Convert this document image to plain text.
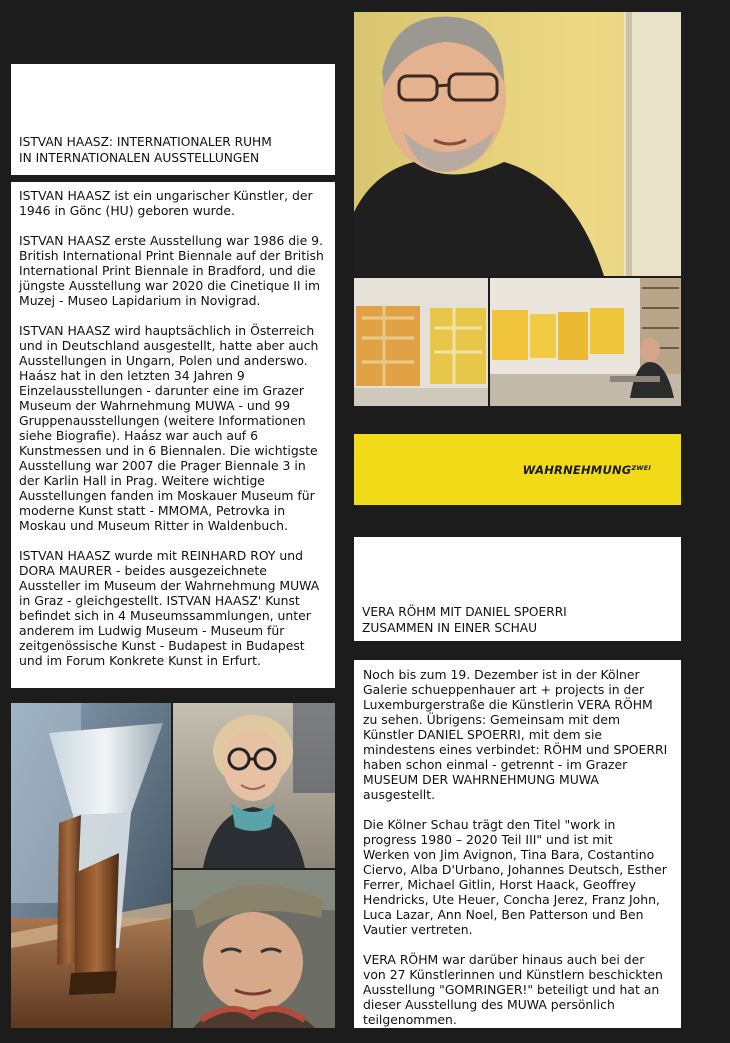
ISTVAN HAASZ: INTERNATIONALER RUHM
IN INTERNATIONALEN AUSSTELLUNGEN

ISTVAN HAASZ ist ein ungarischer Künstler, der
1946 in Gönc (HU) geboren wurde.

ISTVAN HAASZ erste Ausstellung war 1986 die 9.
British International Print Biennale auf der British
International Print Biennale in Bradford, und die
jüngste Ausstellung war 2020 die Cinetique II im
Muzej - Museo Lapidarium in Novigrad.

ISTVAN HAASZ wird hauptsächlich in Österreich
und in Deutschland ausgestellt, hatte aber auch
Ausstellungen in Ungarn, Polen und anderswo.
Haász hat in den letzten 34 Jahren 9
Einzelausstellungen - darunter eine im Grazer
Museum der Wahrnehmung MUWA - und 99
Gruppenausstellungen (weitere Informationen
siehe Biografie). Haász war auch auf 6
Kunstmessen und in 6 Biennalen. Die wichtigste
Ausstellung war 2007 die Prager Biennale 3 in
der Karlin Hall in Prag. Weitere wichtige
Ausstellungen fanden im Moskauer Museum für
moderne Kunst statt - MMOMA, Petrovka in
Moskau und Museum Ritter in Waldenbuch.

ISTVAN HAASZ wurde mit REINHARD ROY und
DORA MAURER - beides ausgezeichnete
Aussteller im Museum der Wahrnehmung MUWA
in Graz - gleichgestellt. ISTVAN HAASZ' Kunst
befindet sich in 4 Museumssammlungen, unter
anderem im Ludwig Museum - Museum für
zeitgenössische Kunst - Budapest in Budapest
und im Forum Konkrete Kunst in Erfurt.

$WAHRNEHMUNG^{ZWEI}$
VERA RÖHM MIT DANIEL SPOERRI
ZUSAMMEN IN EINER SCHAU

Noch bis zum 19. Dezember ist in der Kölner
Galerie schueppenhauer art + projects in der
Luxemburgerstraße die Künstlerin VERA RÖHM
zu sehen. Übrigens: Gemeinsam mit dem
Künstler DANIEL SPOERRI, mit dem sie
mindestens eines verbindet: RÖHM und SPOERRI
haben schon einmal - getrennt - im Grazer
MUSEUM DER WAHRNEHMUNG MUWA
ausgestellt.

Die Kölner Schau trägt den Titel "work in
progress 1980 – 2020 Teil III" und ist mit
Werken von Jim Avignon, Tina Bara, Costantino
Ciervo, Alba D'Urbano, Johannes Deutsch, Esther
Ferrer, Michael Gitlin, Horst Haack, Geoffrey
Hendricks, Ute Heuer, Concha Jerez, Franz John,
Luca Lazar, Ann Noel, Ben Patterson und Ben
Vautier vertreten.

VERA RÖHM war darüber hinaus auch bei der
von 27 Künstlerinnen und Künstlern beschickten
Ausstellung "GOMRINGER!" beteiligt und hat an
dieser Ausstellung des MUWA persönlich
teilgenommen.
